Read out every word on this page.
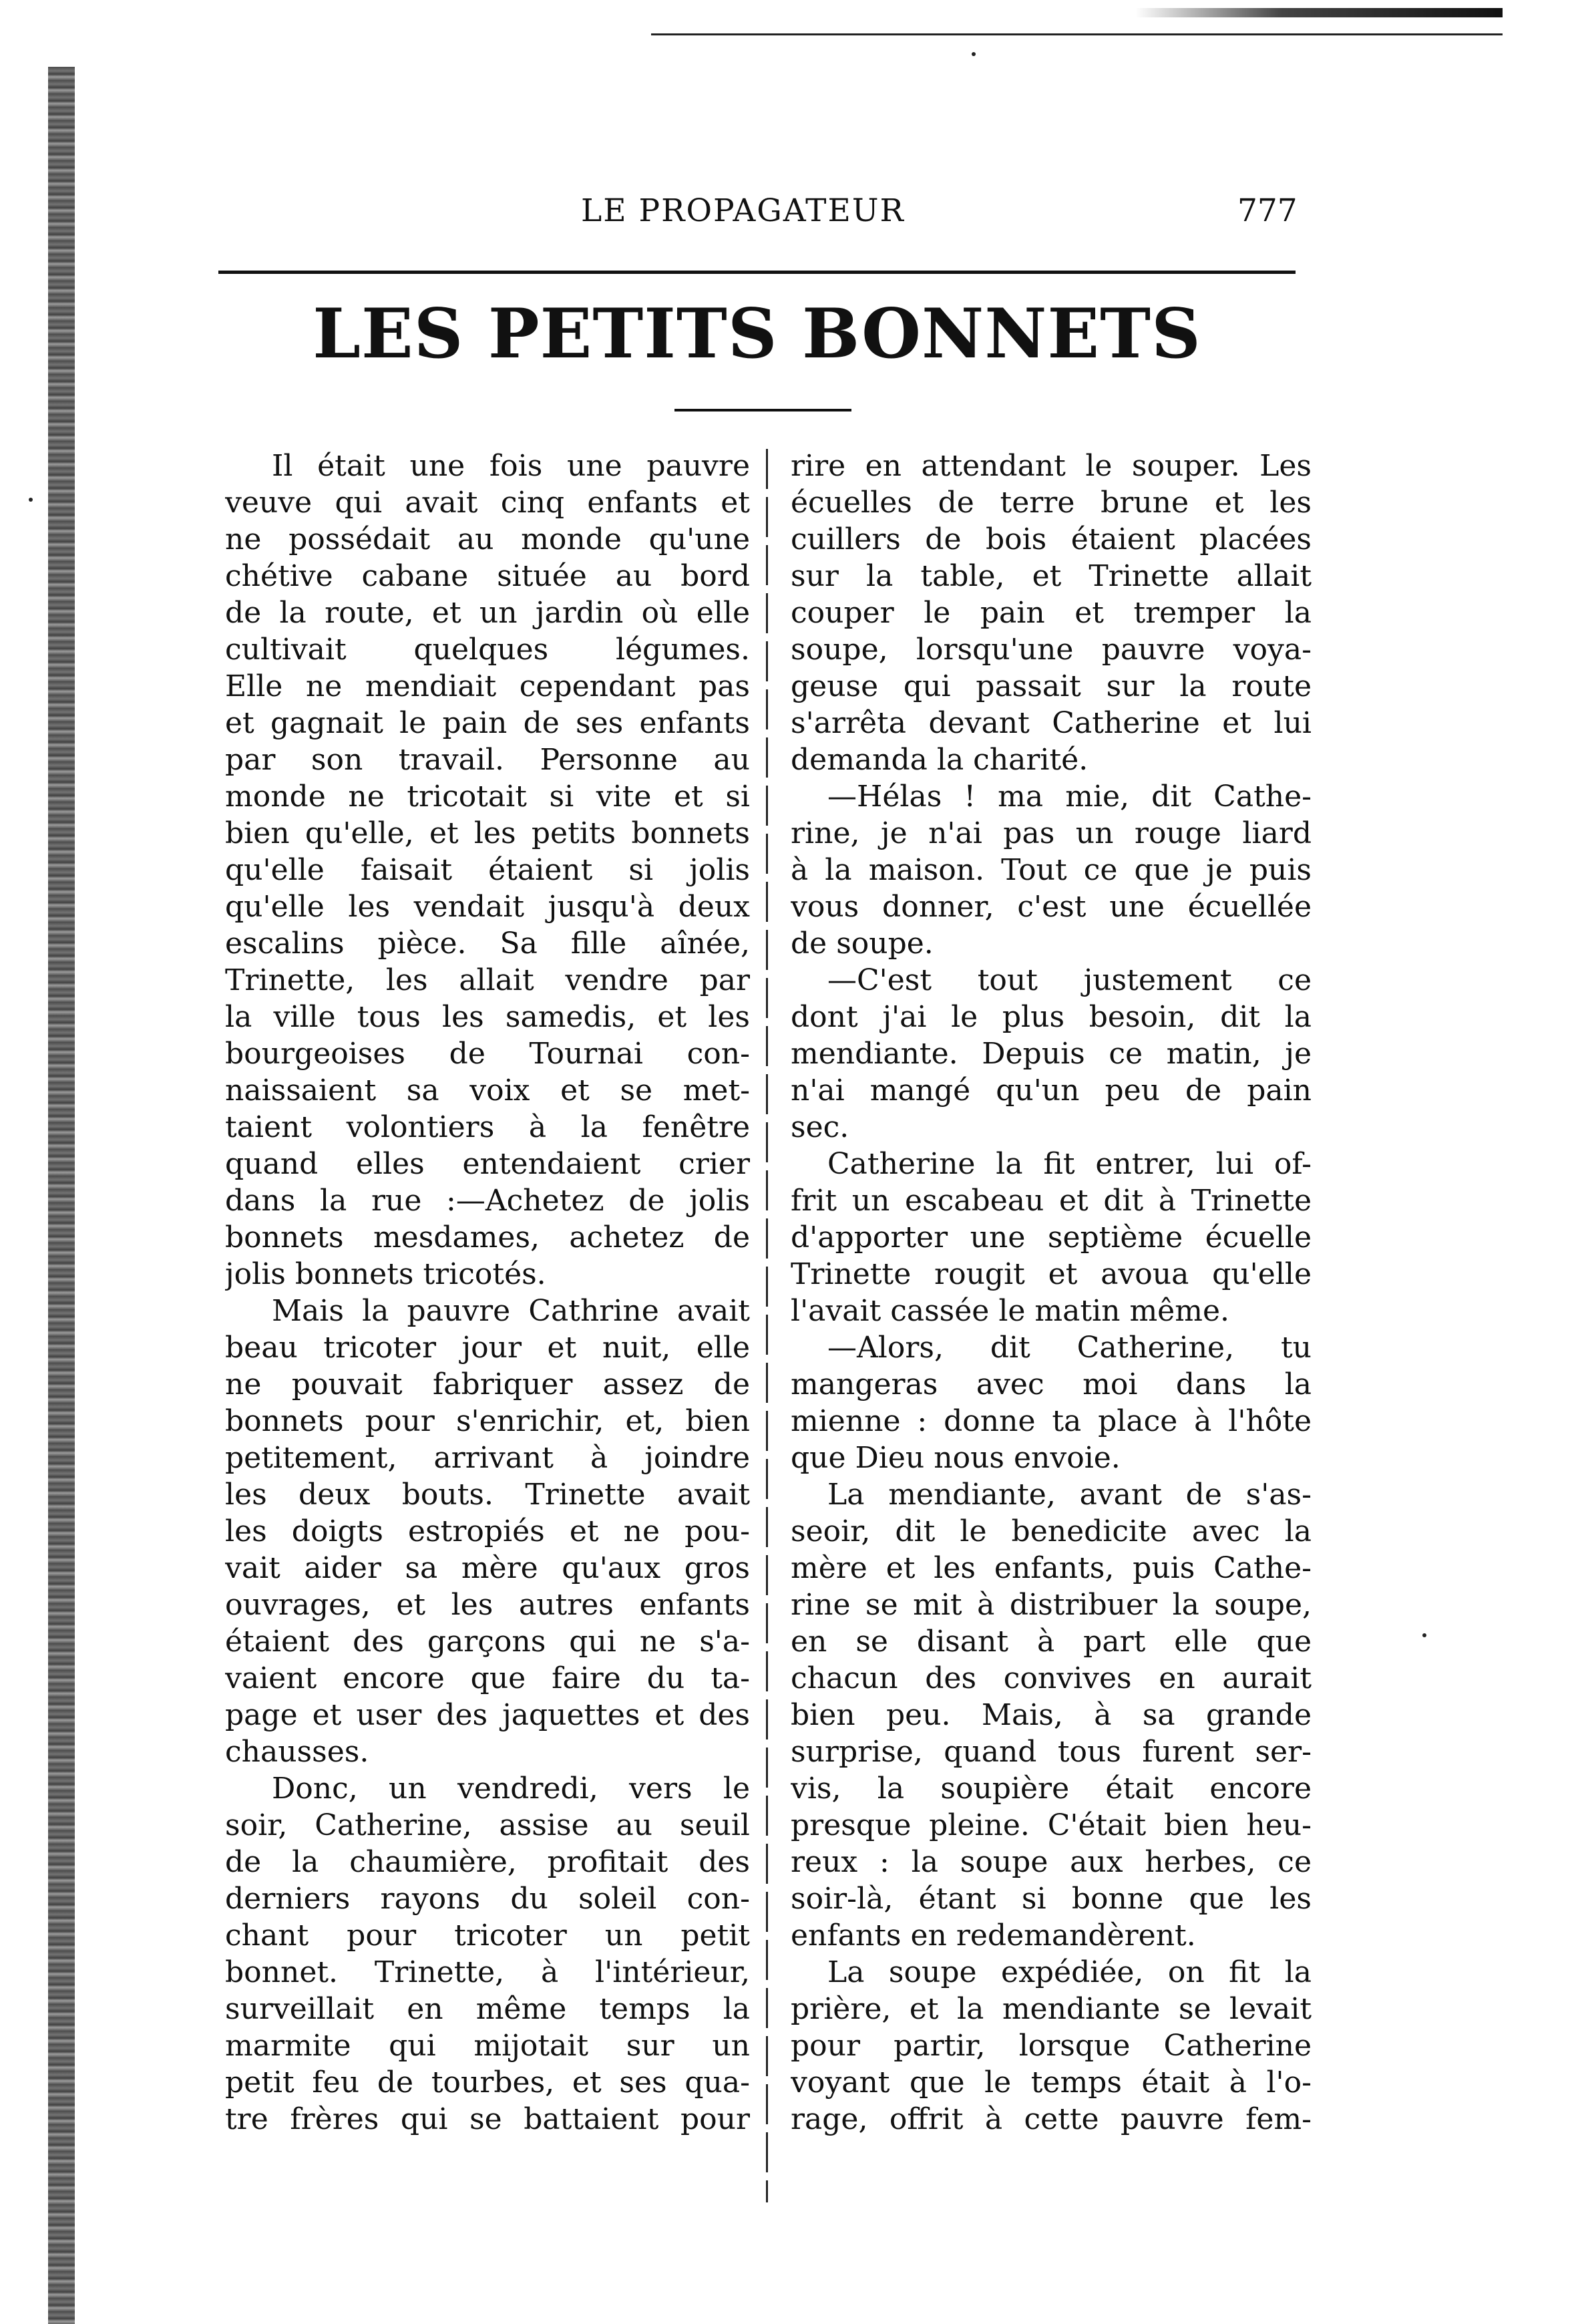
LE PROPAGATEUR	777
LES PETITS BONNETS
Il était une fois une pauvre
veuve qui avait cinq enfants et
ne possédait au monde qu'une
chétive cabane située au bord
de la route, et un jardin où elle
cultivait quelques légumes.
Elle ne mendiait cependant pas
et gagnait le pain de ses enfants
par son travail. Personne au
monde ne tricotait si vite et si
bien qu'elle, et les petits bonnets
qu'elle faisait étaient si jolis
qu'elle les vendait jusqu'à deux
escalins pièce. Sa fille aînée,
Trinette, les allait vendre par
la ville tous les samedis, et les
bourgeoises de Tournai con-
naissaient sa voix et se met-
taient volontiers à la fenêtre
quand elles entendaient crier
dans la rue :—Achetez de jolis
bonnets mesdames, achetez de
jolis bonnets tricotés.
Mais la pauvre Cathrine avait
beau tricoter jour et nuit, elle
ne pouvait fabriquer assez de
bonnets pour s'enrichir, et, bien
petitement, arrivant à joindre
les deux bouts. Trinette avait
les doigts estropiés et ne pou-
vait aider sa mère qu'aux gros
ouvrages, et les autres enfants
étaient des garçons qui ne s'a-
vaient encore que faire du ta-
page et user des jaquettes et des
chausses.
Donc, un vendredi, vers le
soir, Catherine, assise au seuil
de la chaumière, profitait des
derniers rayons du soleil con-
chant pour tricoter un petit
bonnet. Trinette, à l'intérieur,
surveillait en même temps la
marmite qui mijotait sur un
petit feu de tourbes, et ses qua-
tre frères qui se battaient pour
rire en attendant le souper. Les
écuelles de terre brune et les
cuillers de bois étaient placées
sur la table, et Trinette allait
couper le pain et tremper la
soupe, lorsqu'une pauvre voya-
geuse qui passait sur la route
s'arrêta devant Catherine et lui
demanda la charité.
—Hélas ! ma mie, dit Cathe-
rine, je n'ai pas un rouge liard
à la maison. Tout ce que je puis
vous donner, c'est une écuellée
de soupe.
—C'est tout justement ce
dont j'ai le plus besoin, dit la
mendiante. Depuis ce matin, je
n'ai mangé qu'un peu de pain
sec.
Catherine la fit entrer, lui of-
frit un escabeau et dit à Trinette
d'apporter une septième écuelle
Trinette rougit et avoua qu'elle
l'avait cassée le matin même.
—Alors, dit Catherine, tu
mangeras avec moi dans la
mienne : donne ta place à l'hôte
que Dieu nous envoie.
La mendiante, avant de s'as-
seoir, dit le benedicite avec la
mère et les enfants, puis Cathe-
rine se mit à distribuer la soupe,
en se disant à part elle que
chacun des convives en aurait
bien peu. Mais, à sa grande
surprise, quand tous furent ser-
vis, la soupière était encore
presque pleine. C'était bien heu-
reux : la soupe aux herbes, ce
soir-là, étant si bonne que les
enfants en redemandèrent.
La soupe expédiée, on fit la
prière, et la mendiante se levait
pour partir, lorsque Catherine
voyant que le temps était à l'o-
rage, offrit à cette pauvre fem-
